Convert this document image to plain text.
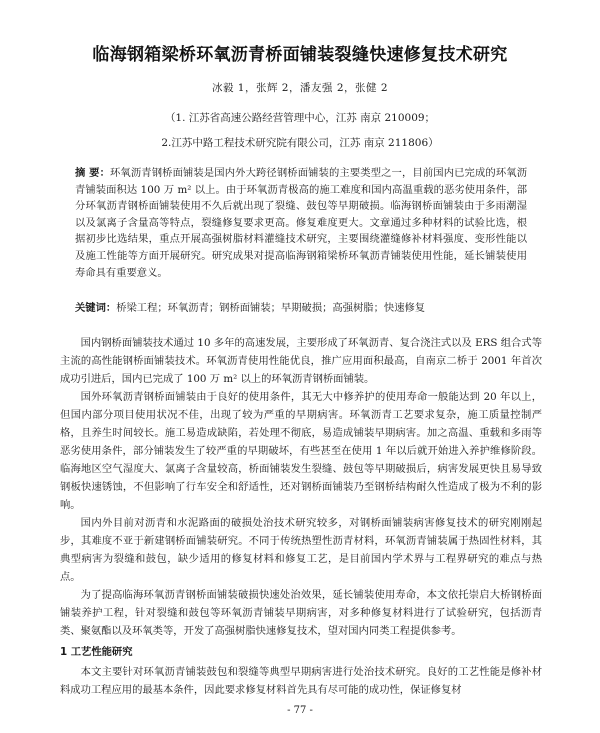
临海钢箱梁桥环氧沥青桥面铺装裂缝快速修复技术研究
冰毅 1，张辉 2，潘友强 2，张健 2
（1. 江苏省高速公路经营管理中心，江苏 南京 210009；
2.江苏中路工程技术研究院有限公司，江苏 南京 211806）
摘 要：环氧沥青钢桥面铺装是国内外大跨径钢桥面铺装的主要类型之一，目前国内已完成的环氧沥青铺装面积达 100 万 m² 以上。由于环氧沥青极高的施工难度和国内高温重载的恶劣使用条件，部分环氧沥青钢桥面铺装使用不久后就出现了裂缝、鼓包等早期破损。临海钢桥面铺装由于多雨潮湿以及氯离子含量高等特点，裂缝修复要求更高。修复难度更大。文章通过多种材料的试验比选，根据初步比选结果，重点开展高强树脂材料灌缝技术研究，主要围绕灌缝修补材料强度、变形性能以及施工性能等方面开展研究。研究成果对提高临海钢箱梁桥环氧沥青铺装使用性能，延长铺装使用寿命具有重要意义。
关键词：桥梁工程；环氧沥青；钢桥面铺装；早期破损；高强树脂；快速修复

国内钢桥面铺装技术通过 10 多年的高速发展，主要形成了环氧沥青、复合浇注式以及 ERS 组合式等主流的高性能钢桥面铺装技术。环氧沥青使用性能优良，推广应用面积最高，自南京二桥于 2001 年首次成功引进后，国内已完成了 100 万 m² 以上的环氧沥青钢桥面铺装。

国外环氧沥青钢桥面铺装由于良好的使用条件，其无大中修养护的使用寿命一般能达到 20 年以上，但国内部分项目使用状况不佳，出现了较为严重的早期病害。环氧沥青工艺要求复杂，施工质量控制严格，且养生时间较长。施工易造成缺陷，若处理不彻底，易造成铺装早期病害。加之高温、重载和多雨等恶劣使用条件，部分铺装发生了较严重的早期破坏，有些甚至在使用 1 年以后就开始进入养护维修阶段。临海地区空气湿度大、氯离子含量较高，桥面铺装发生裂缝、鼓包等早期破损后，病害发展更快且易导致钢板快速锈蚀，不但影响了行车安全和舒适性，还对钢桥面铺装乃至钢桥结构耐久性造成了极为不利的影响。

国内外目前对沥青和水泥路面的破损处治技术研究较多，对钢桥面铺装病害修复技术的研究刚刚起步，其难度不亚于新建钢桥面铺装研究。不同于传统热塑性沥青材料，环氧沥青铺装属于热固性材料，其典型病害为裂缝和鼓包，缺少适用的修复材料和修复工艺，是目前国内学术界与工程界研究的难点与热点。

为了提高临海环氧沥青钢桥面铺装破损快速处治效果，延长铺装使用寿命，本文依托崇启大桥钢桥面铺装养护工程，针对裂缝和鼓包等环氧沥青铺装早期病害，对多种修复材料进行了试验研究，包括沥青类、聚氨酯以及环氧类等，开发了高强树脂快速修复技术，望对国内同类工程提供参考。

1 工艺性能研究

本文主要针对环氧沥青铺装鼓包和裂缝等典型早期病害进行处治技术研究。良好的工艺性能是修补材料成功工程应用的最基本条件，因此要求修复材料首先具有尽可能的成功性，保证修复材

- 77 -
